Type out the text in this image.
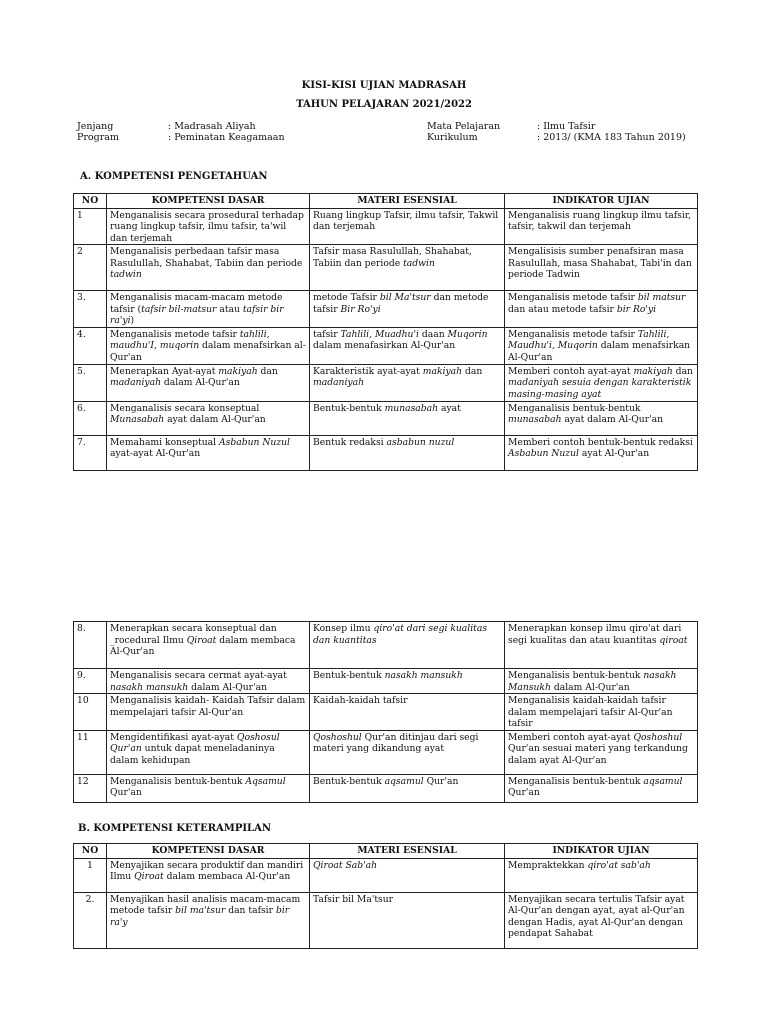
KISI-KISI UJIAN MADRASAH
TAHUN PELAJARAN 2021/2022
Jenjang	: Madrasah Aliyah
Program	: Peminatan Keagamaan
Mata Pelajaran	: Ilmu Tafsir
Kurikulum	: 2013/ (KMA 183 Tahun 2019)
A. KOMPETENSI PENGETAHUAN
NO	KOMPETENSI DASAR	MATERI ESENSIAL	INDIKATOR UJIAN
1	Menganalisis secara prosedural terhadap ruang lingkup tafsir, ilmu tafsir, ta'wil dan terjemah	Ruang lingkup Tafsir, ilmu tafsir, Takwil dan terjemah	Menganalisis ruang lingkup ilmu tafsir, tafsir, takwil dan terjemah
2	Menganalisis perbedaan tafsir masa Rasulullah, Shahabat, Tabiin dan periode tadwin	Tafsir masa Rasulullah, Shahabat, Tabiin dan periode tadwin	Mengalisisis sumber penafsiran masa Rasulullah, masa Shahabat, Tabi'in dan periode Tadwin
3.	Menganalisis macam-macam metode tafsir (tafsir bil-matsur atau tafsir bir ra'yi)	metode Tafsir bil Ma'tsur dan metode tafsir Bir Ro'yi	Menganalisis metode tafsir bil matsur dan atau metode tafsir bir Ro'yi
4.	Menganalisis metode tafsir tahlili, maudhu'I, muqorin dalam menafsirkan al-Qur'an	tafsir Tahlili, Muadhu'i daan Muqorin dalam menafasirkan Al-Qur'an	Menganalisis metode tafsir Tahlili, Maudhu'i, Muqorin dalam menafsirkan Al-Qur'an
5.	Menerapkan Ayat-ayat makiyah dan madaniyah dalam Al-Qur'an	Karakteristik ayat-ayat makiyah dan madaniyah	Memberi contoh ayat-ayat makiyah dan madaniyah sesuia dengan karakteristik masing-masing ayat
6.	Menganalisis secara konseptual Munasabah ayat dalam Al-Qur'an	Bentuk-bentuk munasabah ayat	Menganalisis bentuk-bentuk munasabah ayat dalam Al-Qur'an
7.	Memahami konseptual Asbabun Nuzul ayat-ayat Al-Qur'an	Bentuk redaksi asbabun nuzul	Memberi contoh bentuk-bentuk redaksi Asbabun Nuzul ayat Al-Qur'an
8.	Menerapkan secara konseptual dan _rocedural Ilmu Qiroat dalam membaca Al-Qur'an	Konsep ilmu qiro'at dari segi kualitas dan kuantitas	Menerapkan konsep ilmu qiro'at dari segi kualitas dan atau kuantitas qiroat
9.	Menganalisis secara cermat ayat-ayat nasakh mansukh dalam Al-Qur'an	Bentuk-bentuk nasakh mansukh	Menganalisis bentuk-bentuk nasakh Mansukh dalam Al-Qur'an
10	Menganalisis kaidah- Kaidah Tafsir dalam mempelajari tafsir Al-Qur'an	Kaidah-kaidah tafsir	Menganalisis kaidah-kaidah tafsir dalam mempelajari tafsir Al-Qur'an tafsir
11	Mengidentifikasi ayat-ayat Qoshosul Qur'an untuk dapat meneladaninya dalam kehidupan	Qoshoshul Qur'an ditinjau dari segi materi yang dikandung ayat	Memberi contoh ayat-ayat Qoshoshul Qur'an sesuai materi yang terkandung dalam ayat Al-Qur'an
12	Menganalisis bentuk-bentuk Aqsamul Qur'an	Bentuk-bentuk aqsamul Qur'an	Menganalisis bentuk-bentuk aqsamul Qur'an
B. KOMPETENSI KETERAMPILAN
NO	KOMPETENSI DASAR	MATERI ESENSIAL	INDIKATOR UJIAN
1	Menyajikan secara produktif dan mandiri Ilmu Qiroat dalam membaca Al-Qur'an	Qiroat Sab'ah	Mempraktekkan qiro'at sab'ah
2.	Menyajikan hasil analisis macam-macam metode tafsir bil ma'tsur dan tafsir bir ra'y	Tafsir bil Ma'tsur	Menyajikan secara tertulis Tafsir ayat Al-Qur'an dengan ayat, ayat al-Qur'an dengan Hadis, ayat Al-Qur'an dengan pendapat Sahabat
